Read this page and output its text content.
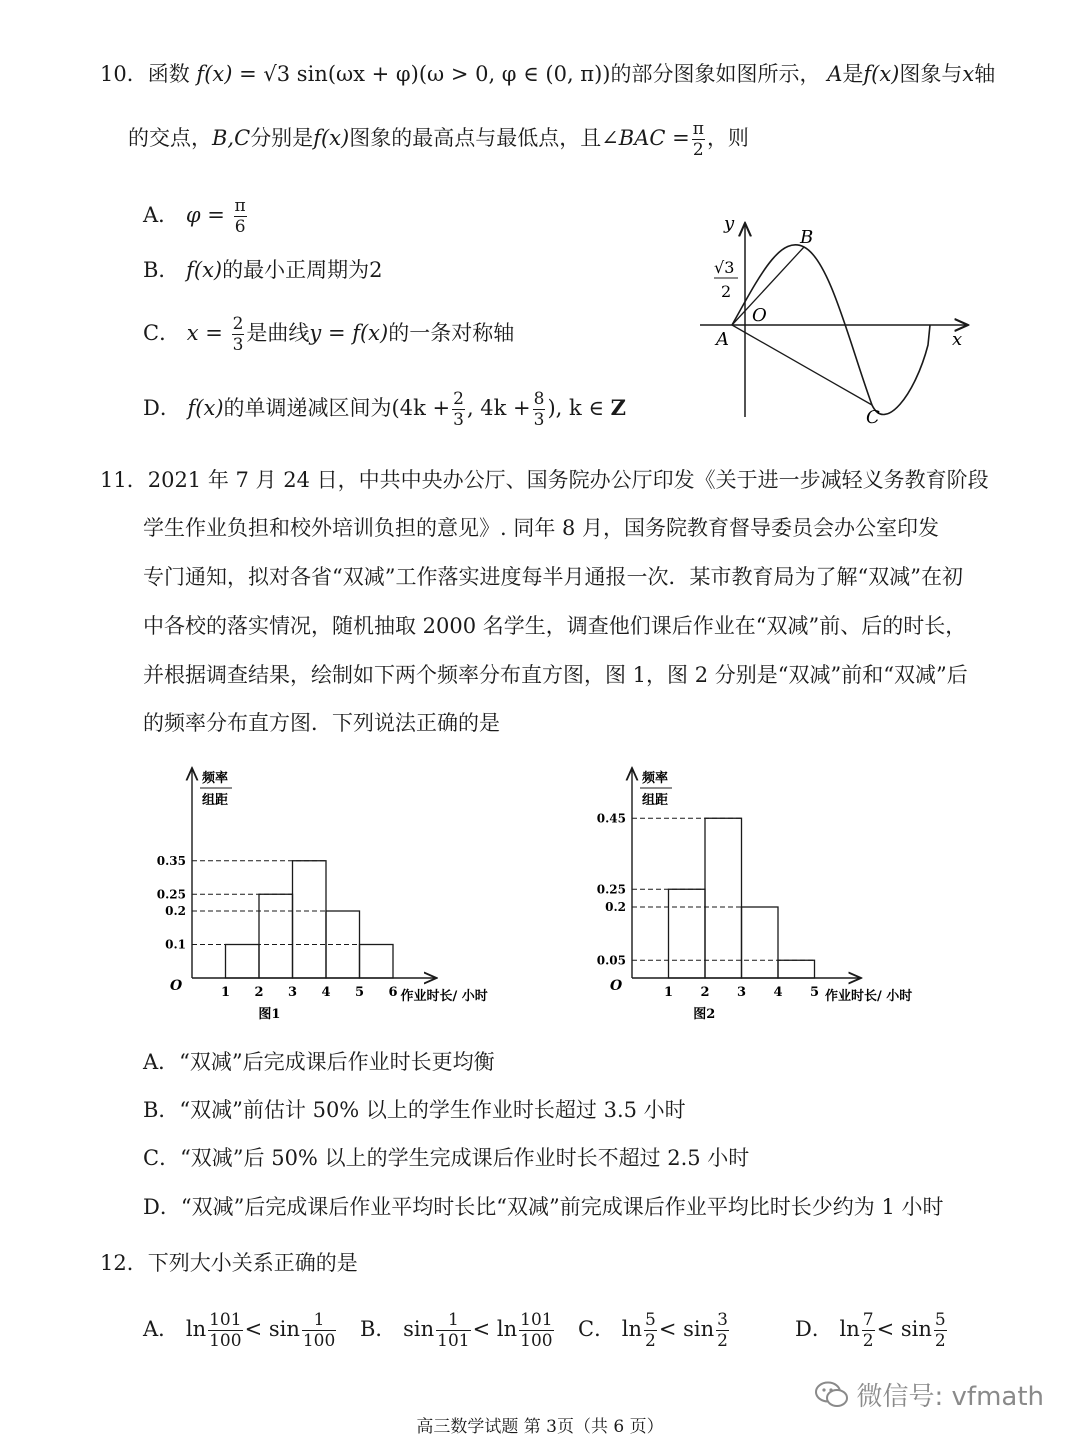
10．函数 f(x) = √3 sin(ωx + φ)(ω > 0, φ ∈ (0, π))的部分图象如图所示， A是f(x)图象与x轴
的交点，B,C分别是f(x)图象的最高点与最低点，且∠BAC = $\frac{\pi}{2}$ ，则
A． $\varphi = \frac{\pi}{6}$
B． f(x)的最小正周期为2
C． $x = \frac{2}{3}$ 是曲线y = f(x)的一条对称轴
D． f(x)的单调递减区间为($4k + \frac{2}{3}$ , $4k + \frac{8}{3}$ ), k ∈ Z
y
x
O
A
B
C
√3
2
11．2021 年 7 月 24 日，中共中央办公厅、国务院办公厅印发《关于进一步减轻义务教育阶段
学生作业负担和校外培训负担的意见》. 同年 8 月，国务院教育督导委员会办公室印发
专门通知，拟对各省“双减”工作落实进度每半月通报一次．某市教育局为了解“双减”在初
中各校的落实情况，随机抽取 2000 名学生，调查他们课后作业在“双减”前、后的时长，
并根据调查结果，绘制如下两个频率分布直方图，图 1，图 2 分别是“双减”前和“双减”后
的频率分布直方图．下列说法正确的是
频率
组距
O
0.1
0.2
0.25
0.35
1 2 3 4 5 6 作业时长/ 小时
图1
频率
组距
O
0.05
0.2
0.25
0.45
1 2 3 4 5 作业时长/ 小时
图2
A．“双减”后完成课后作业时长更均衡
B．“双减”前估计 50% 以上的学生作业时长超过 3.5 小时
C．“双减”后 50% 以上的学生完成课后作业时长不超过 2.5 小时
D．“双减”后完成课后作业平均时长比“双减”前完成课后作业平均比时长少约为 1 小时
12．下列大小关系正确的是
A． $\ln \frac{101}{100} < \sin \frac{1}{100}$ B． $\sin \frac{1}{101} < \ln \frac{101}{100}$ C． $\ln \frac{5}{2} < \sin \frac{3}{2}$	D． $\ln \frac{7}{2} < \sin \frac{5}{2}$
微信号: vfmath
高三数学试题 第 3页（共 6 页）
